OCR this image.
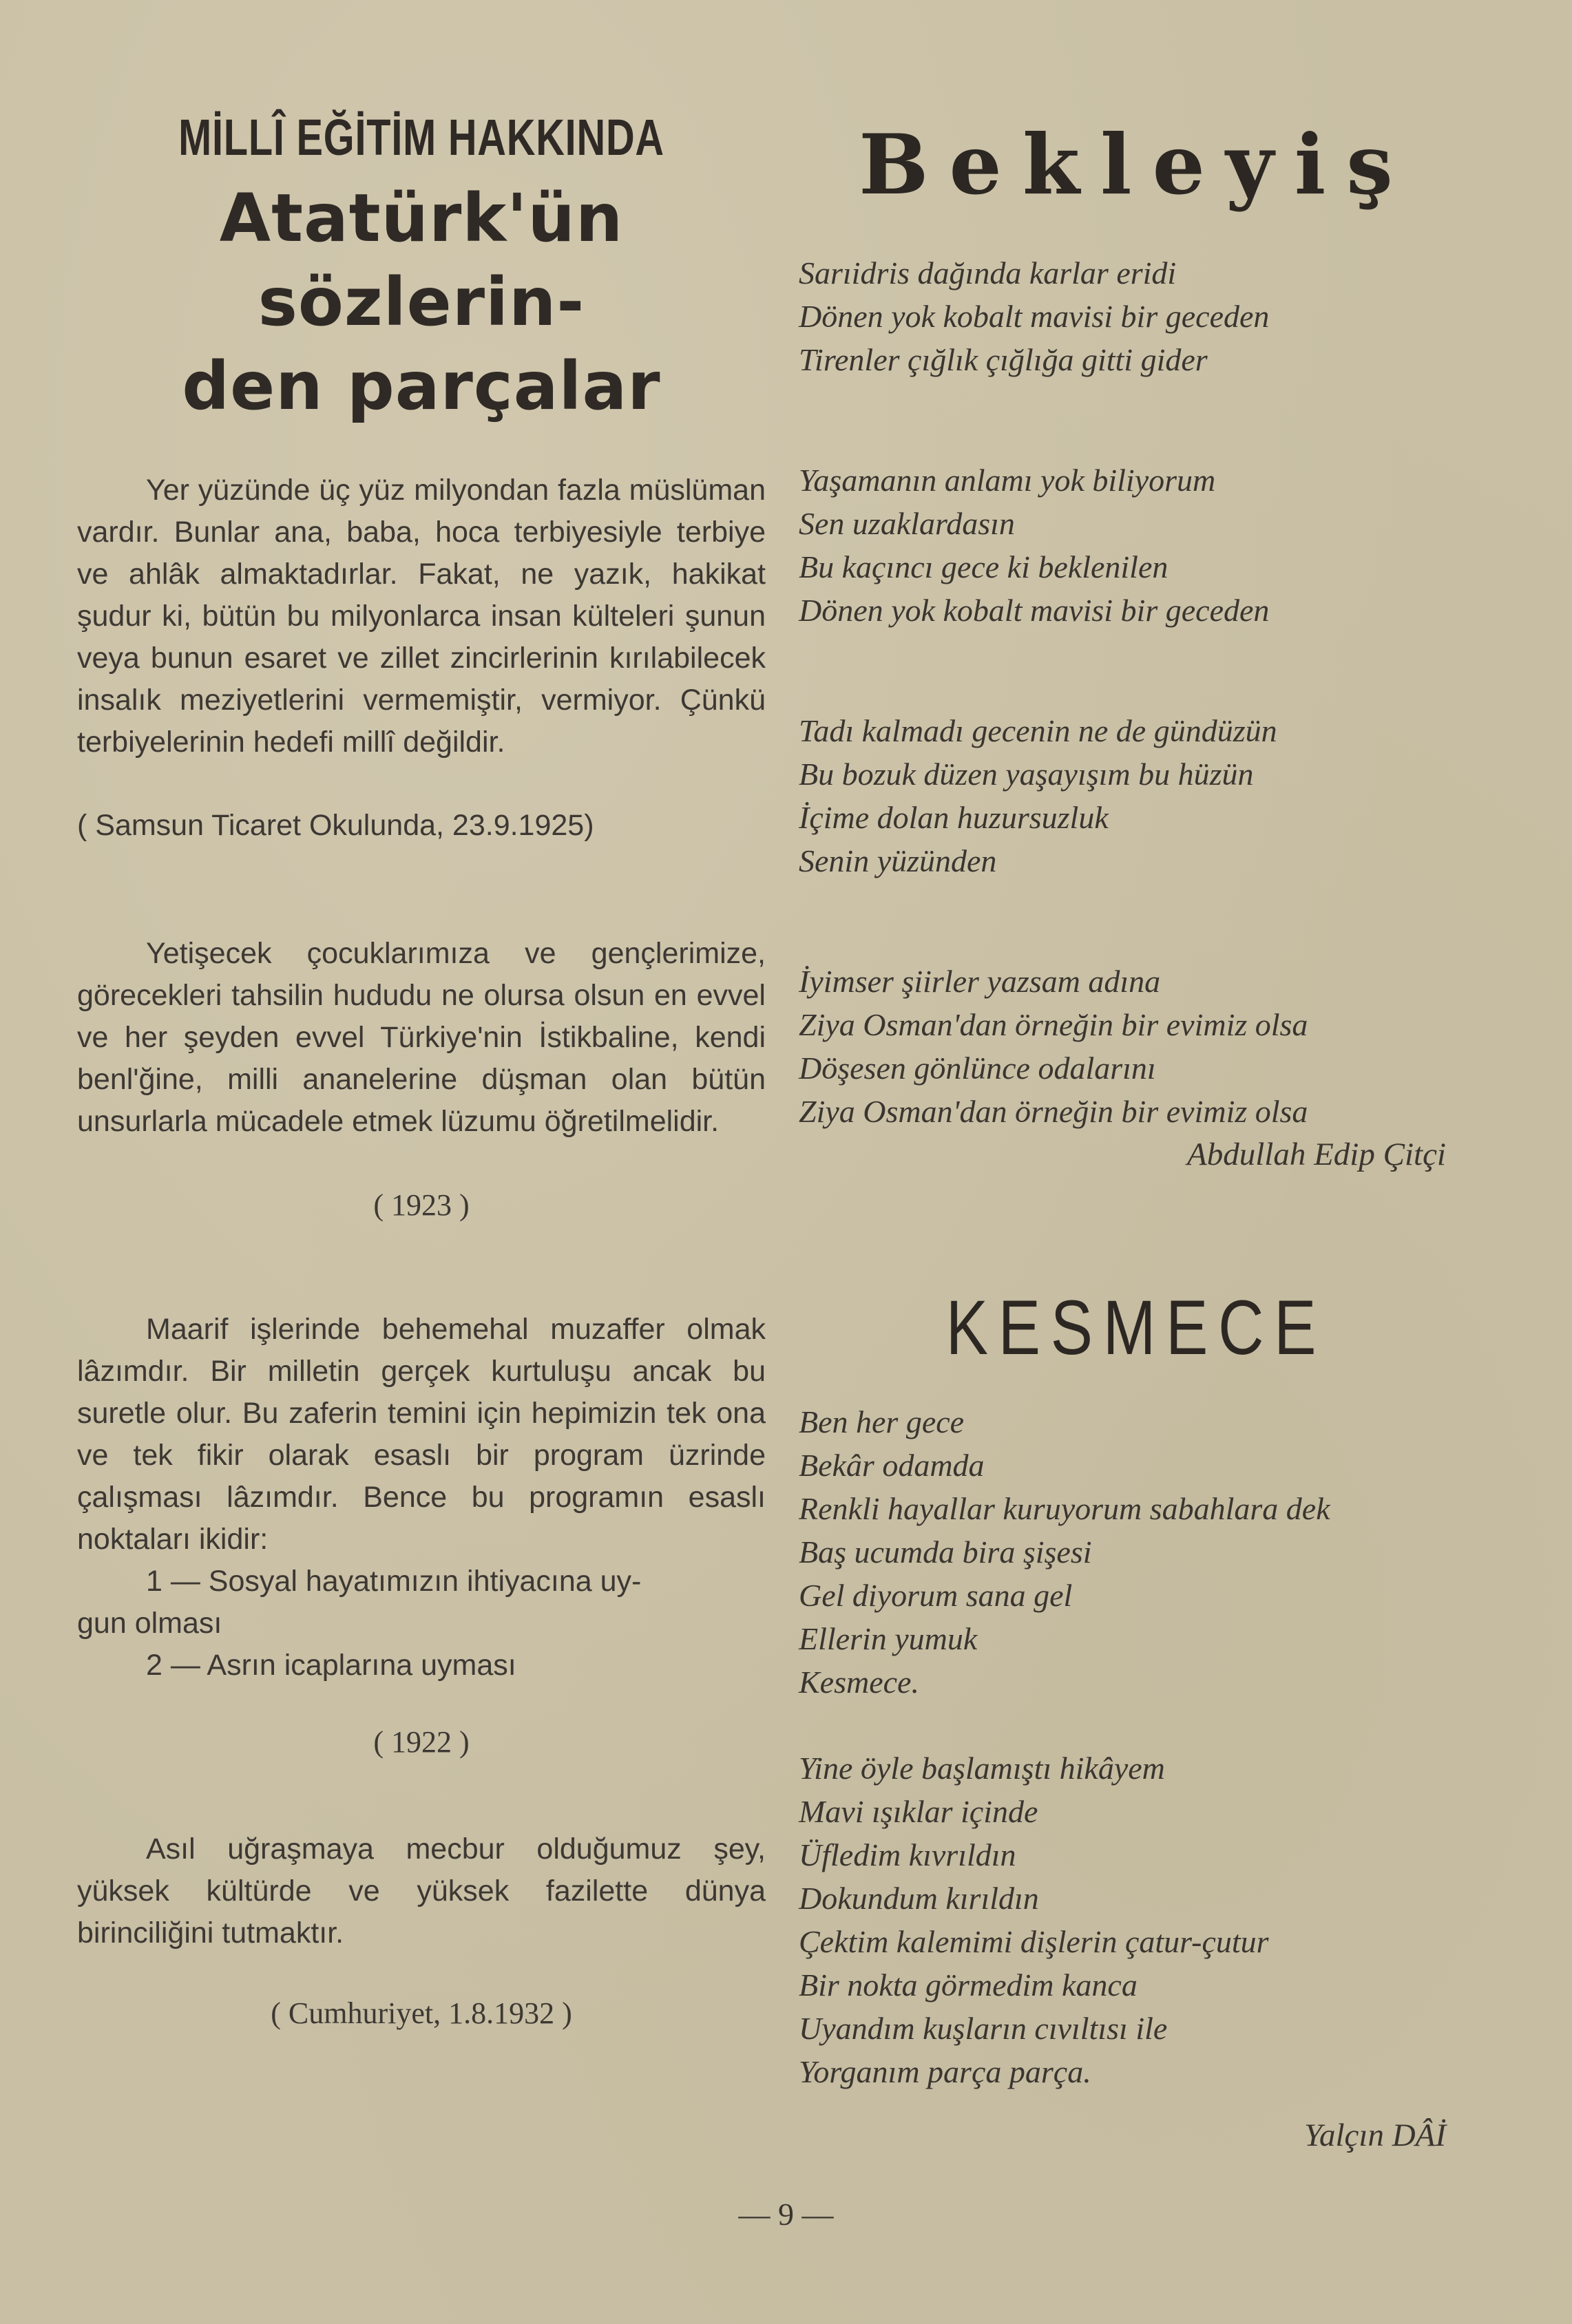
MİLLÎ EĞİTİM HAKKINDA

Atatürk'ün sözlerin-

den parçalar

Yer yüzünde üç yüz milyondan fazla müslüman vardır. Bunlar ana, baba, hoca terbiyesiyle terbiye ve ahlâk almaktadırlar. Fakat, ne yazık, hakikat şudur ki, bütün bu milyonlarca insan külteleri şunun veya bunun esaret ve zillet zincirlerinin kırılabilecek insalık meziyetlerini vermemiştir, vermiyor. Çünkü terbiyelerinin hedefi millî değildir.

( Samsun Ticaret Okulunda, 23.9.1925)

Yetişecek çocuklarımıza ve gençlerimize, görecekleri tahsilin hududu ne olursa olsun en evvel ve her şeyden evvel Türkiye'nin İstikbaline, kendi benl'ğine, milli ananelerine düşman olan bütün unsurlarla mücadele etmek lüzumu öğretilmelidir.

( 1923 )

Maarif işlerinde behemehal muzaffer olmak lâzımdır. Bir milletin gerçek kurtuluşu ancak bu suretle olur. Bu zaferin temini için hepimizin tek ona ve tek fikir olarak esaslı bir program üzrinde çalışması lâzımdır. Bence bu programın esaslı noktaları ikidir:

1 — Sosyal hayatımızın ihtiyacına uy-

gun olması

2 — Asrın icaplarına uyması

( 1922 )

Asıl uğraşmaya mecbur olduğumuz şey, yüksek kültürde ve yüksek fazilette dünya birinciliğini tutmaktır.

( Cumhuriyet, 1.8.1932 )

Bekleyiş

Sarıidris dağında karlar eridi

Dönen yok kobalt mavisi bir geceden

Tirenler çığlık çığlığa gitti gider

Yaşamanın anlamı yok biliyorum

Sen uzaklardasın

Bu kaçıncı gece ki beklenilen

Dönen yok kobalt mavisi bir geceden

Tadı kalmadı gecenin ne de gündüzün

Bu bozuk düzen yaşayışım bu hüzün

İçime dolan huzursuzluk

Senin yüzünden

İyimser şiirler yazsam adına

Ziya Osman'dan örneğin bir evimiz olsa

Döşesen gönlünce odalarını

Ziya Osman'dan örneğin bir evimiz olsa

Abdullah Edip Çitçi

KESMECE

Ben her gece

Bekâr odamda

Renkli hayallar kuruyorum sabahlara dek

Baş ucumda bira şişesi

Gel diyorum sana gel

Ellerin yumuk

Kesmece.

Yine öyle başlamıştı hikâyem

Mavi ışıklar içinde

Üfledim kıvrıldın

Dokundum kırıldın

Çektim kalemimi dişlerin çatur-çutur

Bir nokta görmedim kanca

Uyandım kuşların cıvıltısı ile

Yorganım parça parça.

Yalçın DÂİ

— 9 —
